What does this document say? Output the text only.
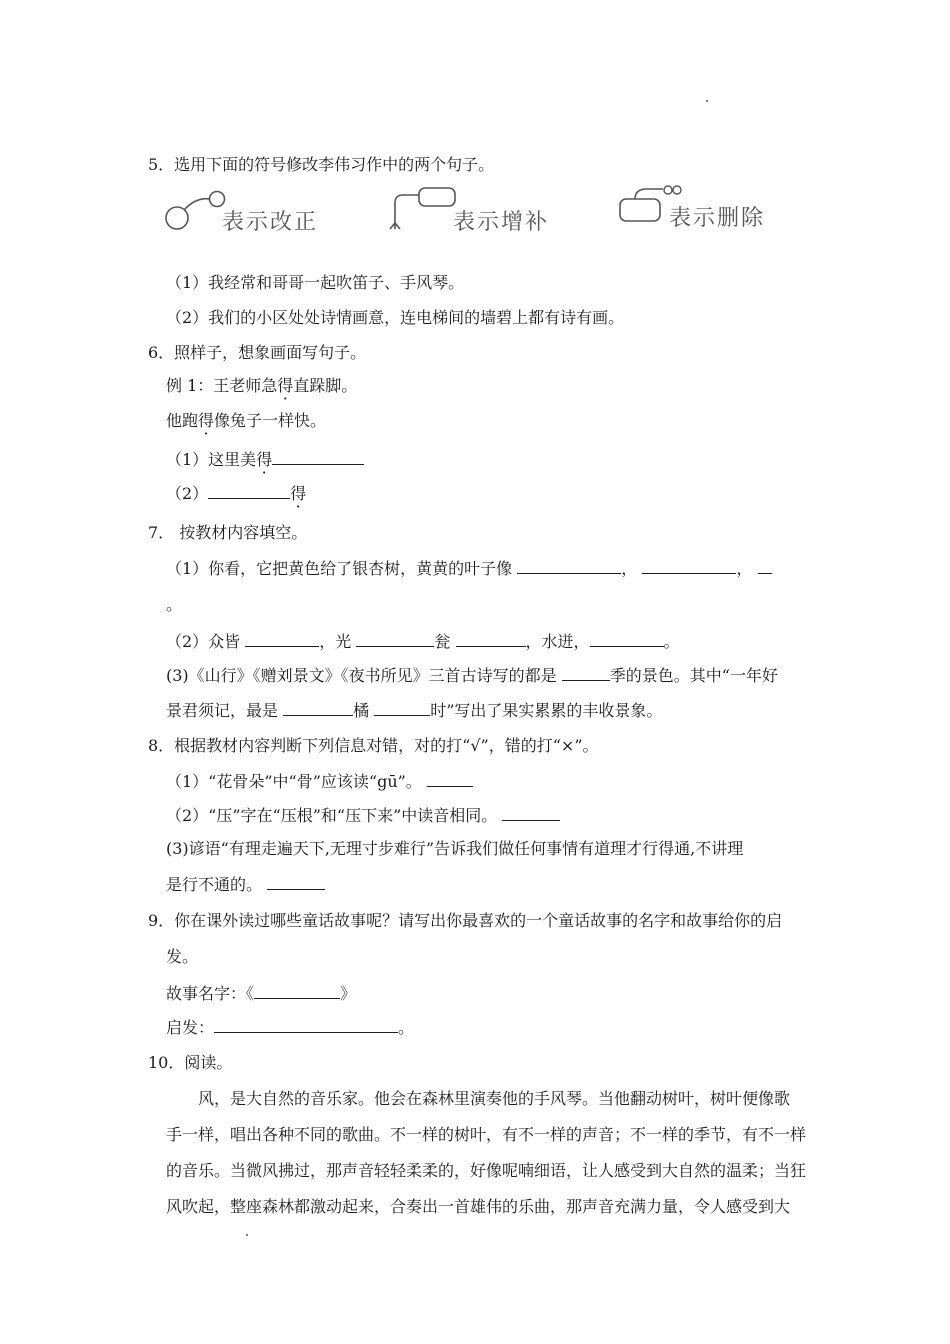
5．选用下面的符号修改李伟习作中的两个句子。
表示改正	表示增补	表示删除
（1）我经常和哥哥一起吹笛子、手风琴。
（2）我们的小区处处诗情画意，连电梯间的墙碧上都有诗有画。
6．照样子，想象画面写句子。
例 1：王老师急得直跺脚。
他跑得像兔子一样快。
（1）这里美得
（2）	得
7． 按教材内容填空。
（1）你看，它把黄色给了银杏树，黄黄的叶子像	，	，
。
（2）众皆	，光	瓮	，水迸，	。
(3)《山行》《赠刘景文》《夜书所见》三首古诗写的都是	季的景色。其中“一年好
景君须记，最是	橘	时”写出了果实累累的丰收景象。
8．根据教材内容判断下列信息对错，对的打“√”，错的打“×”。
（1）“花骨朵”中“骨”应该读“gū”。
（2）“压”字在“压根”和“压下来”中读音相同。
(3)谚语“有理走遍天下,无理寸步难行”告诉我们做任何事情有道理才行得通,不讲理
是行不通的。
9．你在课外读过哪些童话故事呢？请写出你最喜欢的一个童话故事的名字和故事给你的启
发。
故事名字：《	》
启发：	。
10．阅读。
风，是大自然的音乐家。他会在森林里演奏他的手风琴。当他翻动树叶，树叶便像歌
手一样，唱出各种不同的歌曲。不一样的树叶，有不一样的声音；不一样的季节，有不一样
的音乐。当微风拂过，那声音轻轻柔柔的，好像呢喃细语，让人感受到大自然的温柔；当狂
风吹起，整座森林都激动起来，合奏出一首雄伟的乐曲，那声音充满力量，令人感受到大
